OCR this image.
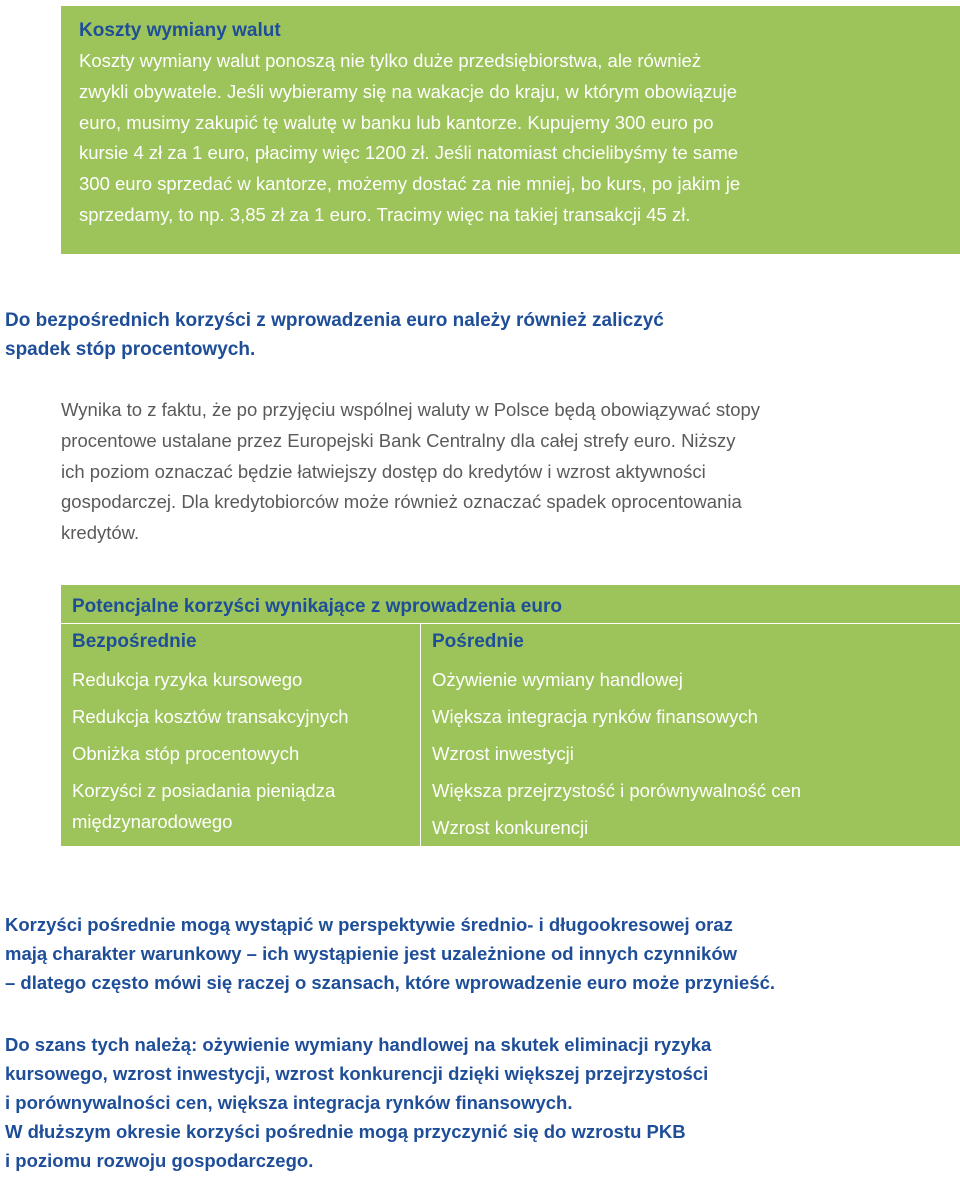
Koszty wymiany walut

Koszty wymiany walut ponoszą nie tylko duże przedsiębiorstwa, ale również

zwykli obywatele. Jeśli wybieramy się na wakacje do kraju, w którym obowiązuje

euro, musimy zakupić tę walutę w banku lub kantorze. Kupujemy 300 euro po

kursie 4 zł za 1 euro, płacimy więc 1200 zł. Jeśli natomiast chcielibyśmy te same

300 euro sprzedać w kantorze, możemy dostać za nie mniej, bo kurs, po jakim je

sprzedamy, to np. 3,85 zł za 1 euro. Tracimy więc na takiej transakcji 45 zł.

Do bezpośrednich korzyści z wprowadzenia euro należy również zaliczyć
spadek stóp procentowych.
Wynika to z faktu, że po przyjęciu wspólnej waluty w Polsce będą obowiązywać stopy
procentowe ustalane przez Europejski Bank Centralny dla całej strefy euro. Niższy
ich poziom oznaczać będzie łatwiejszy dostęp do kredytów i wzrost aktywności
gospodarczej. Dla kredytobiorców może również oznaczać spadek oprocentowania
kredytów.

Potencjalne korzyści wynikające z wprowadzenia euro

Bezpośrednie

Redukcja ryzyka kursowego

Redukcja kosztów transakcyjnych

Obniżka stóp procentowych

Korzyści z posiadania pieniądza

międzynarodowego

Pośrednie

Ożywienie wymiany handlowej

Większa integracja rynków finansowych

Wzrost inwestycji

Większa przejrzystość i porównywalność cen

Wzrost konkurencji

Korzyści pośrednie mogą wystąpić w perspektywie średnio- i długookresowej oraz
mają charakter warunkowy – ich wystąpienie jest uzależnione od innych czynników
– dlatego często mówi się raczej o szansach, które wprowadzenie euro może przynieść.
Do szans tych należą: ożywienie wymiany handlowej na skutek eliminacji ryzyka
kursowego, wzrost inwestycji, wzrost konkurencji dzięki większej przejrzystości
i porównywalności cen, większa integracja rynków finansowych.
W dłuższym okresie korzyści pośrednie mogą przyczynić się do wzrostu PKB
i poziomu rozwoju gospodarczego.
